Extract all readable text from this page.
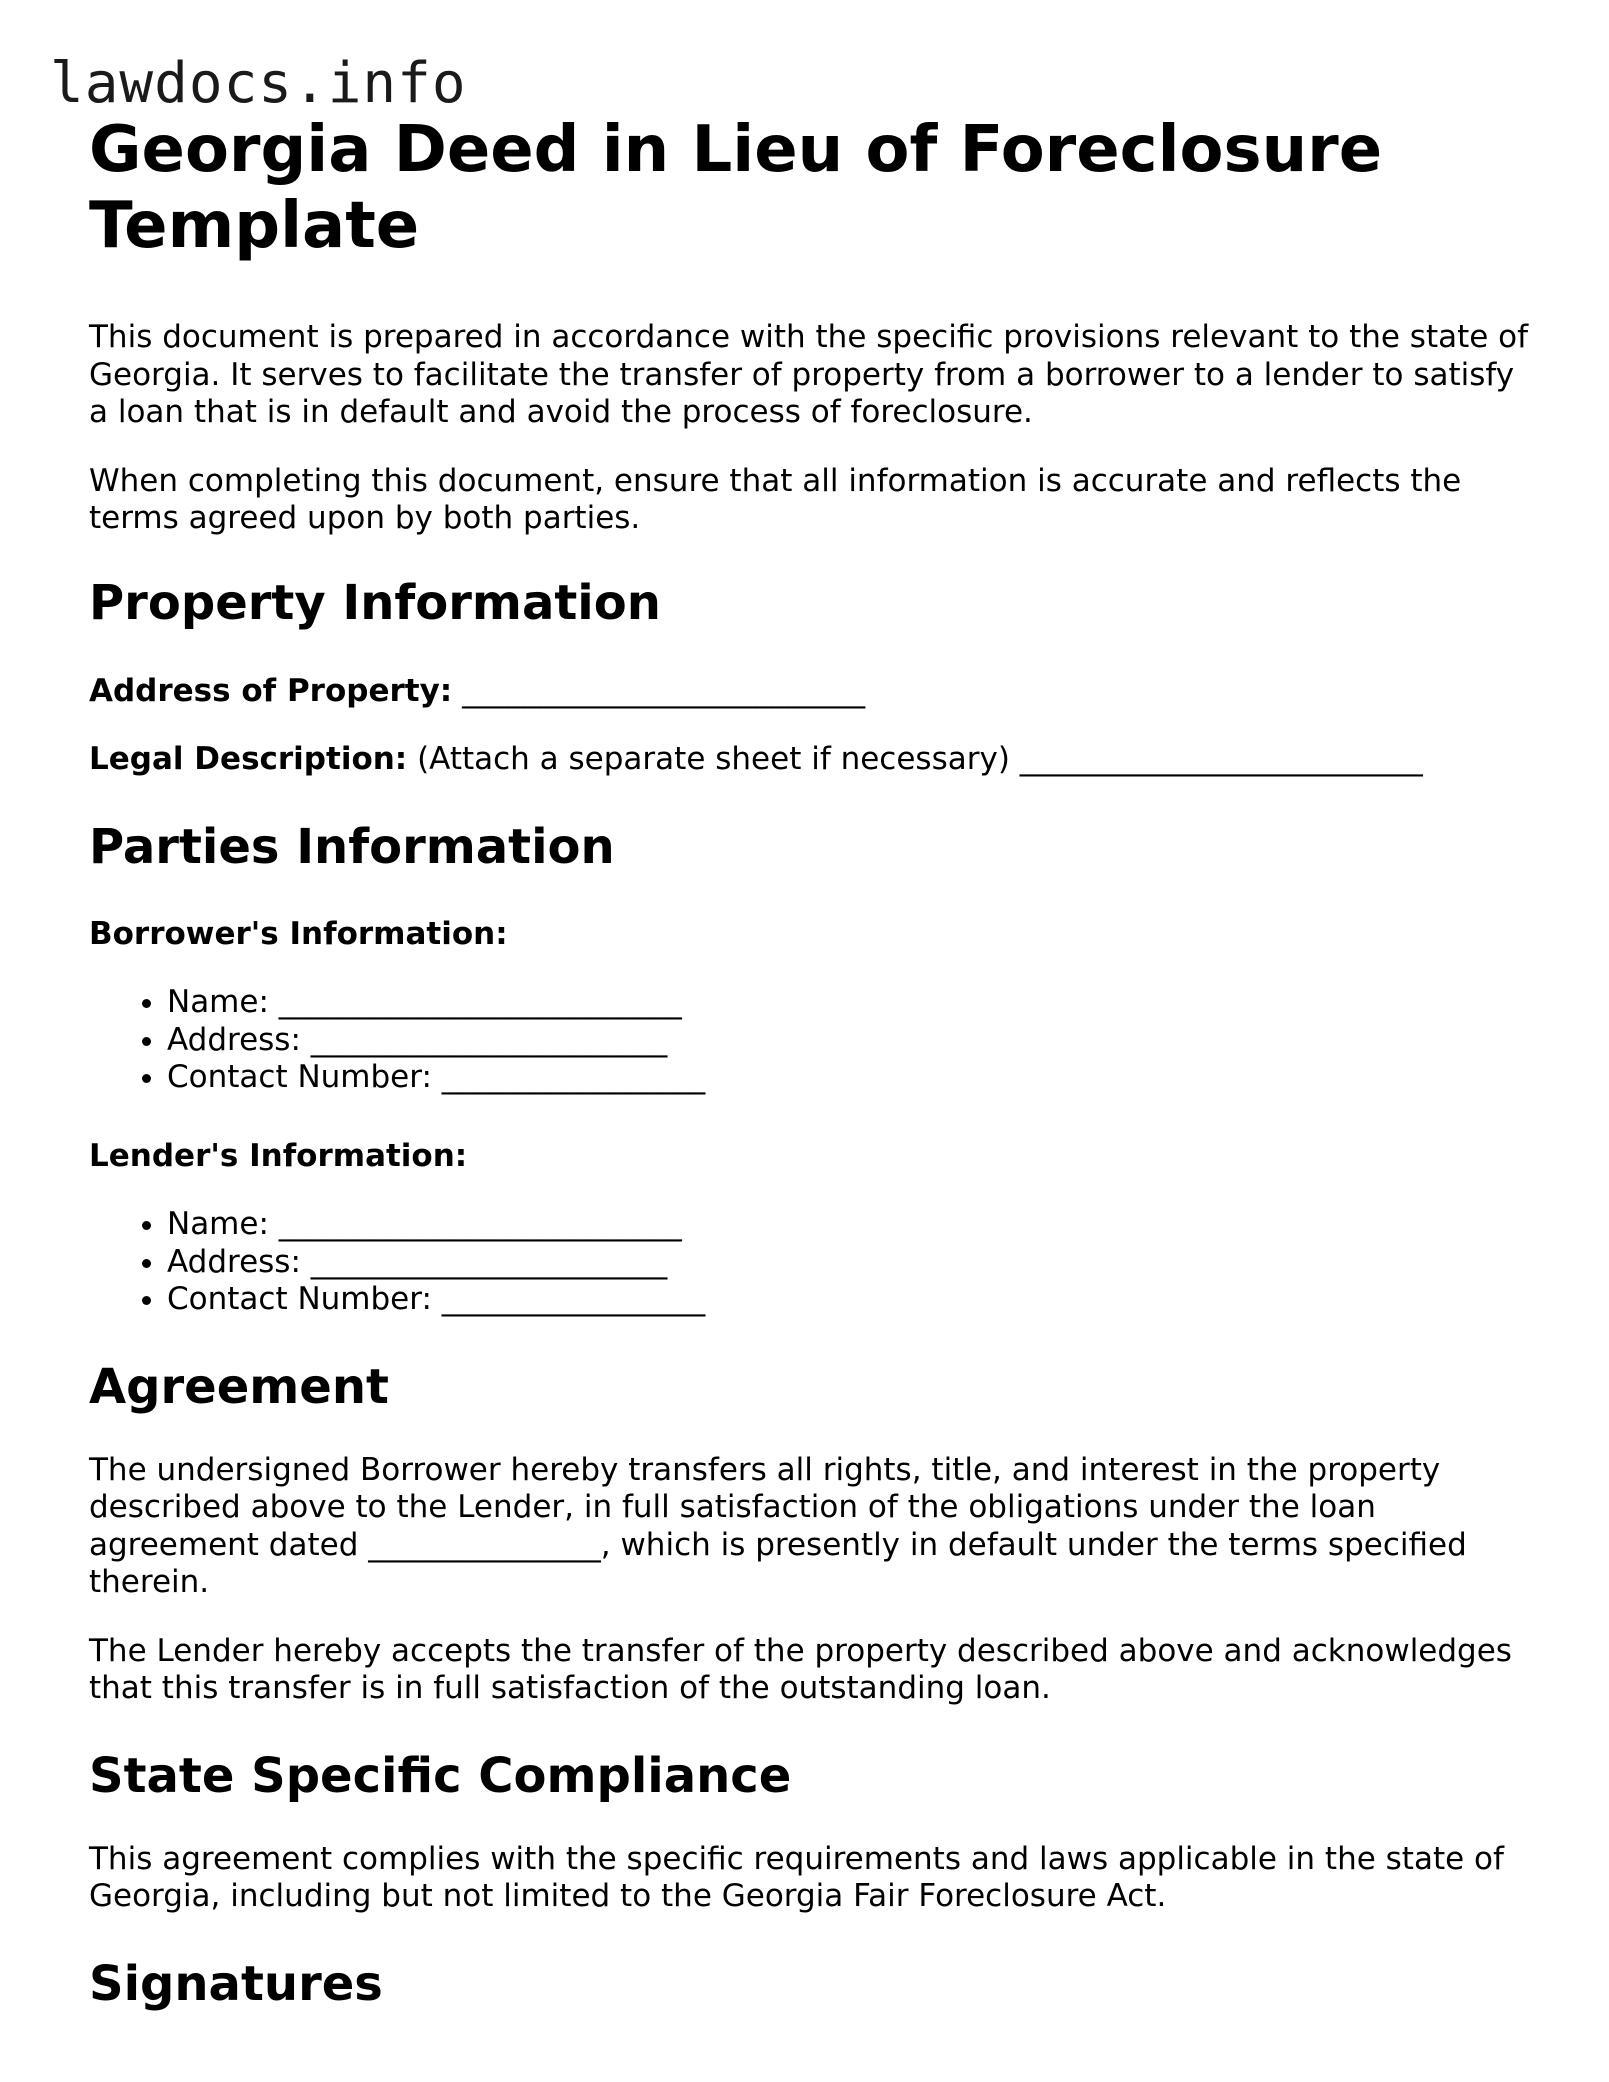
lawdocs.info
Georgia Deed in Lieu of Foreclosure Template

This document is prepared in accordance with the specific provisions relevant to the state of Georgia. It serves to facilitate the transfer of property from a borrower to a lender to satisfy a loan that is in default and avoid the process of foreclosure.

When completing this document, ensure that all information is accurate and reflects the terms agreed upon by both parties.

Property Information

Address of Property: __________________________

Legal Description: (Attach a separate sheet if necessary) __________________________

Parties Information

Borrower's Information:

• Name: __________________________
• Address: _______________________
• Contact Number: _________________

Lender's Information:

• Name: __________________________
• Address: _______________________
• Contact Number: _________________
Agreement

The undersigned Borrower hereby transfers all rights, title, and interest in the property described above to the Lender, in full satisfaction of the obligations under the loan agreement dated _______________, which is presently in default under the terms specified therein.

The Lender hereby accepts the transfer of the property described above and acknowledges that this transfer is in full satisfaction of the outstanding loan.

State Specific Compliance

This agreement complies with the specific requirements and laws applicable in the state of Georgia, including but not limited to the Georgia Fair Foreclosure Act.

Signatures
